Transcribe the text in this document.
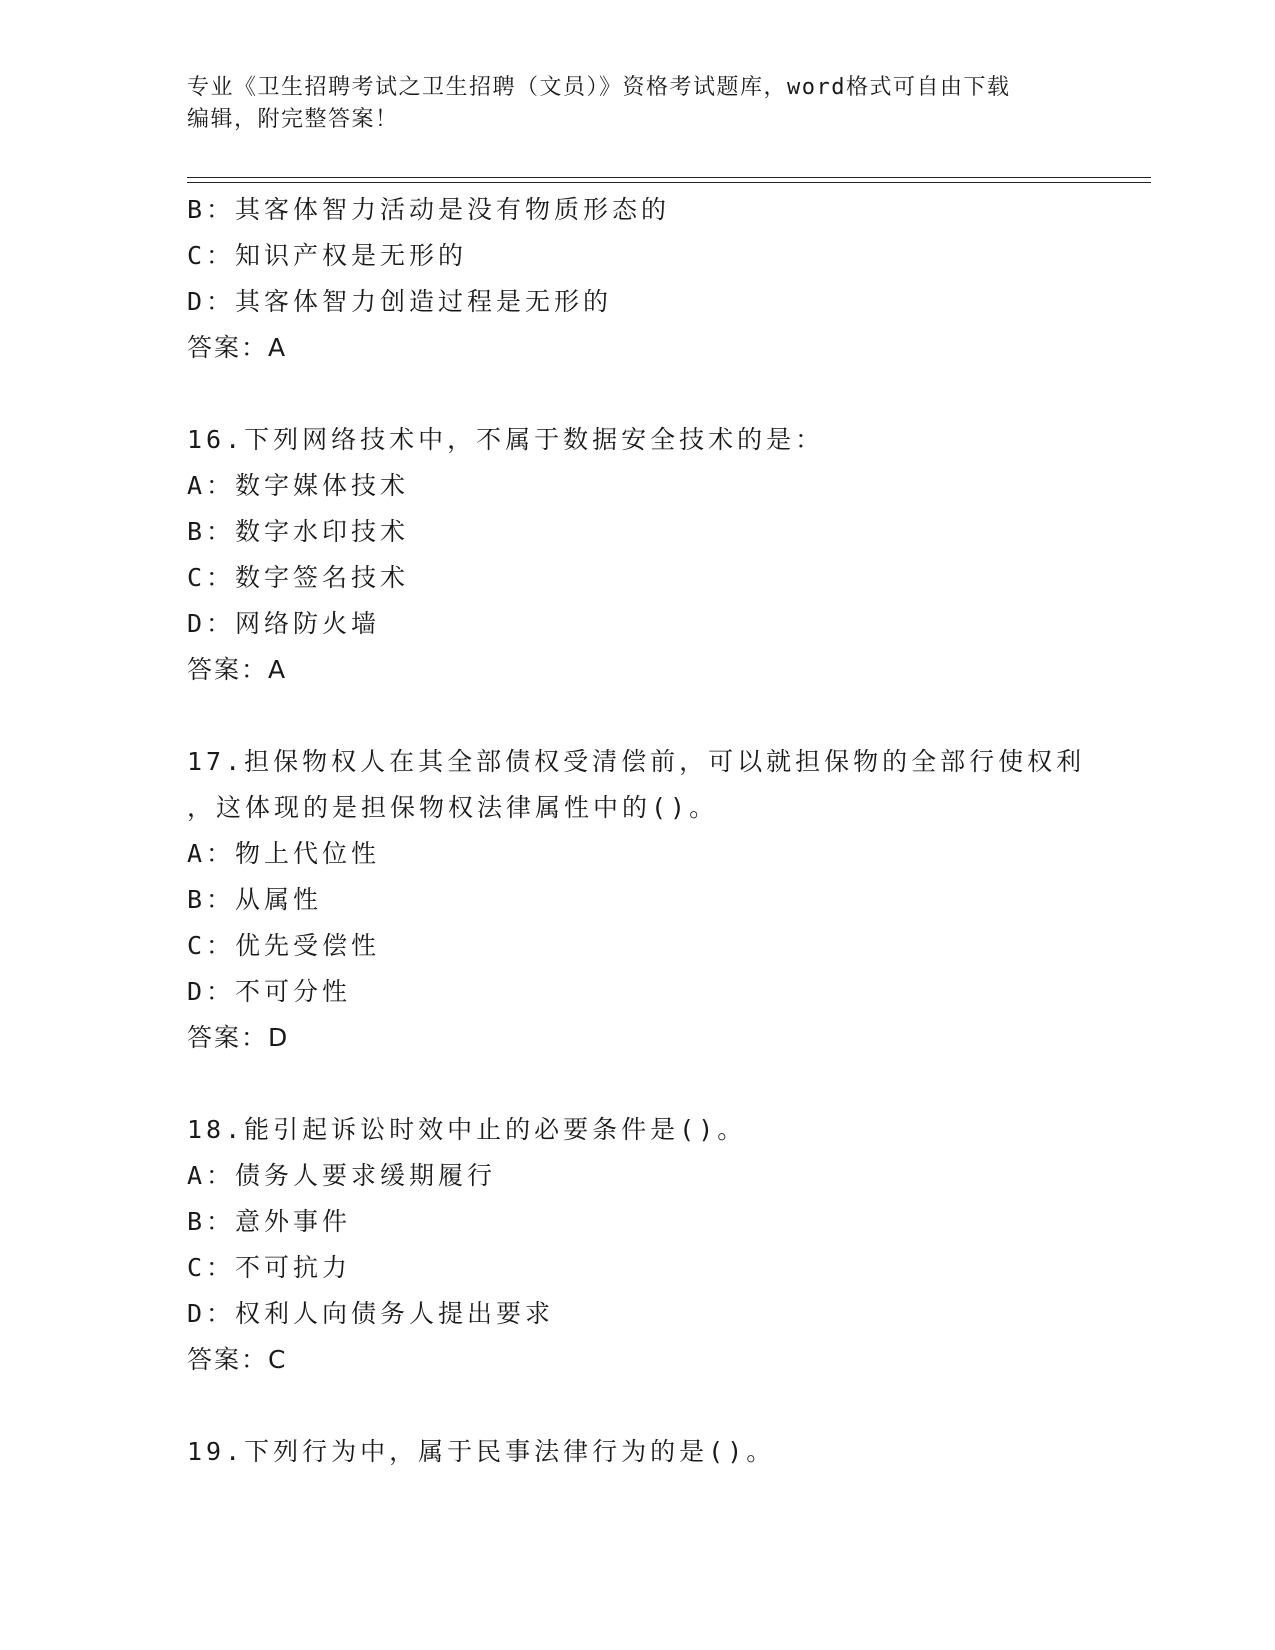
专业《卫生招聘考试之卫生招聘（文员）》资格考试题库，word格式可自由下载
编辑，附完整答案！
B：其客体智力活动是没有物质形态的
C：知识产权是无形的
D：其客体智力创造过程是无形的
答案：A
16.下列网络技术中，不属于数据安全技术的是：
A：数字媒体技术
B：数字水印技术
C：数字签名技术
D：网络防火墙
答案：A
17.担保物权人在其全部债权受清偿前，可以就担保物的全部行使权利
，这体现的是担保物权法律属性中的()。
A：物上代位性
B：从属性
C：优先受偿性
D：不可分性
答案：D
18.能引起诉讼时效中止的必要条件是()。
A：债务人要求缓期履行
B：意外事件
C：不可抗力
D：权利人向债务人提出要求
答案：C
19.下列行为中，属于民事法律行为的是()。
